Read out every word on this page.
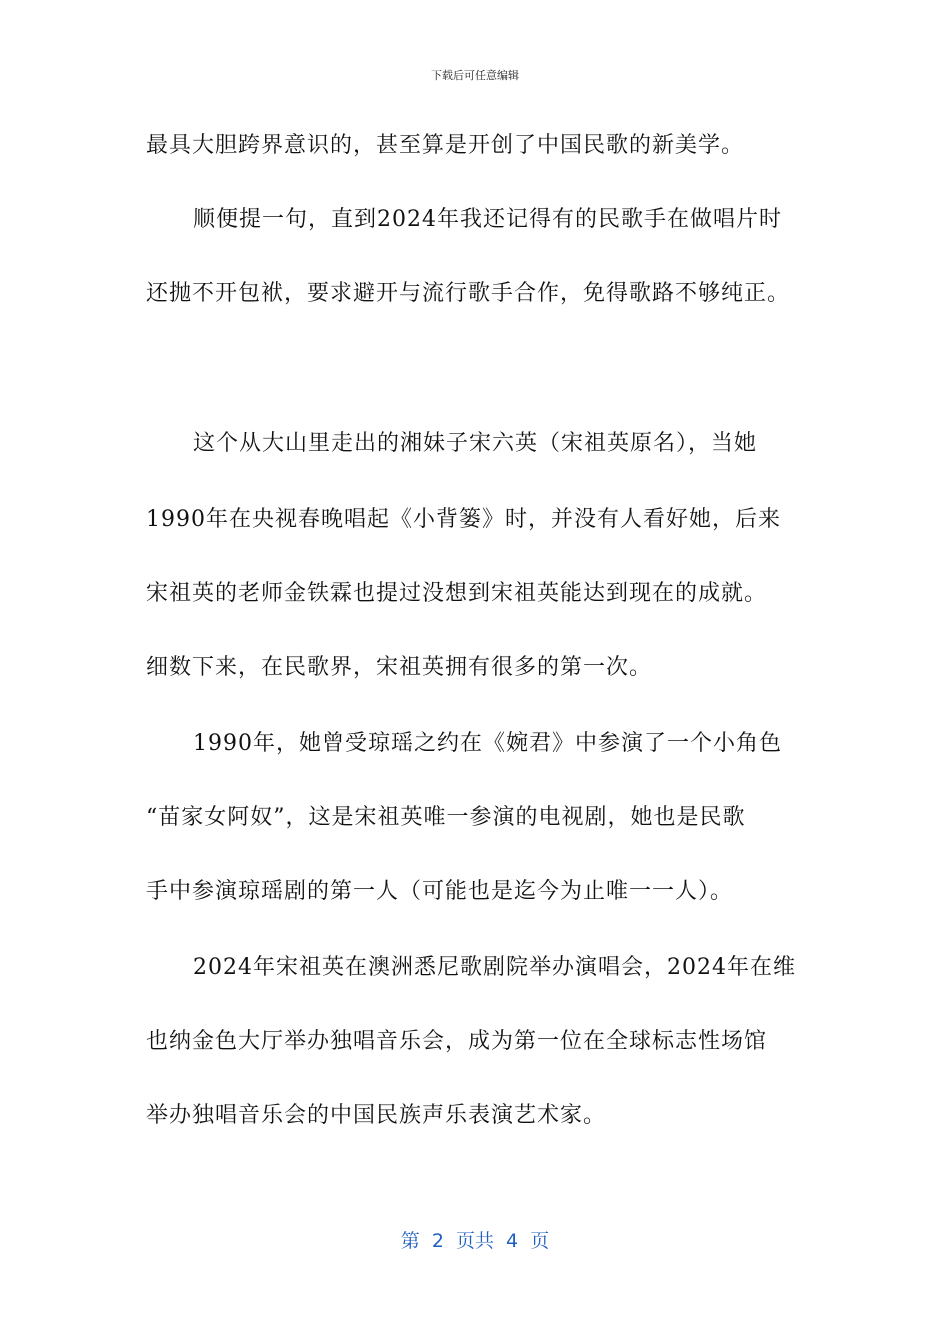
下载后可任意编辑
最具大胆跨界意识的，甚至算是开创了中国民歌的新美学。
顺便提一句，直到2024年我还记得有的民歌手在做唱片时
还抛不开包袱，要求避开与流行歌手合作，免得歌路不够纯正。
这个从大山里走出的湘妹子宋六英（宋祖英原名），当她
1990年在央视春晚唱起《小背篓》时，并没有人看好她，后来
宋祖英的老师金铁霖也提过没想到宋祖英能达到现在的成就。
细数下来，在民歌界，宋祖英拥有很多的第一次。
1990年，她曾受琼瑶之约在《婉君》中参演了一个小角色
“苗家女阿奴”，这是宋祖英唯一参演的电视剧，她也是民歌
手中参演琼瑶剧的第一人（可能也是迄今为止唯一一人）。
2024年宋祖英在澳洲悉尼歌剧院举办演唱会，2024年在维
也纳金色大厅举办独唱音乐会，成为第一位在全球标志性场馆
举办独唱音乐会的中国民族声乐表演艺术家。
第 2 页共 4 页
